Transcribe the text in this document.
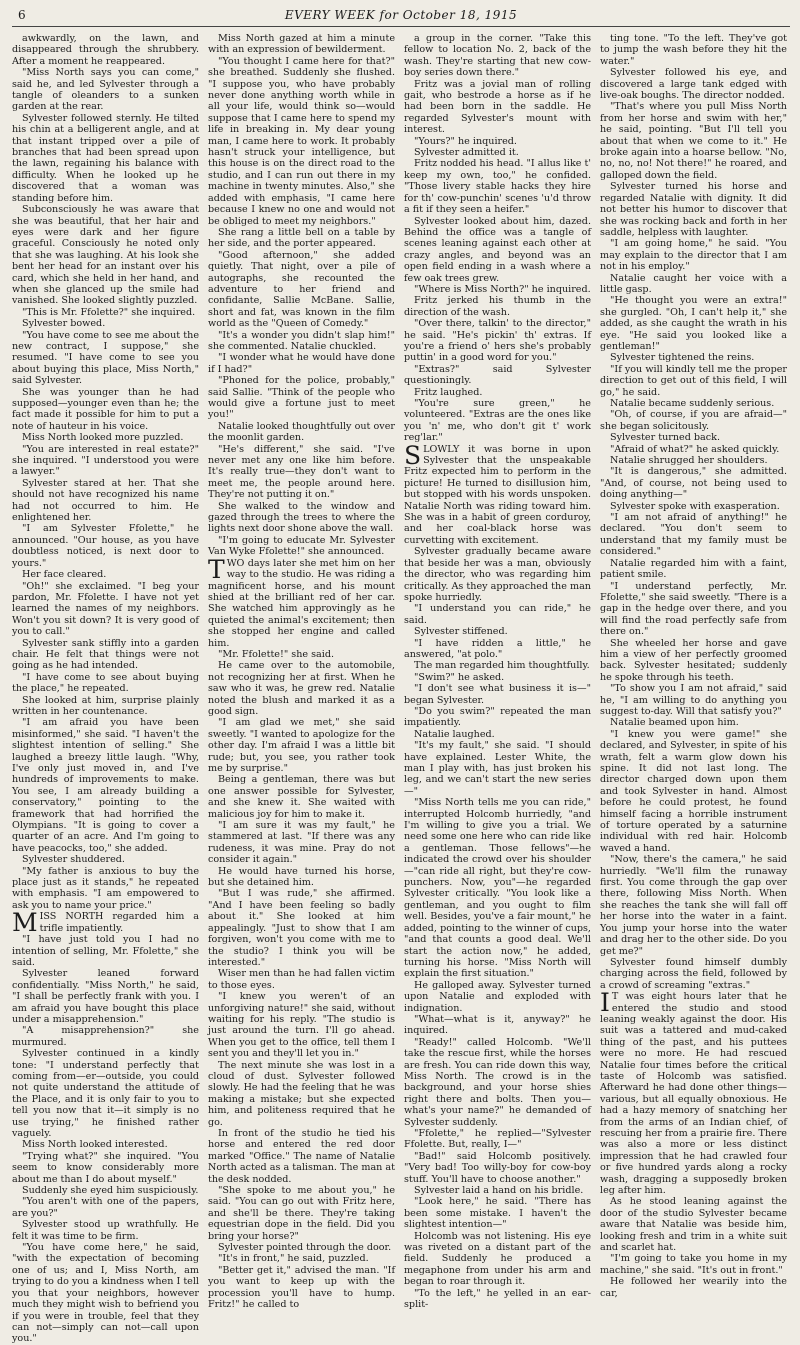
6	EVERY WEEK for October 18, 1915

awkwardly, on the lawn, and disappeared through the shrubbery. After a moment he reappeared.

"Miss North says you can come," said he, and led Sylvester through a tangle of oleanders to a sunken garden at the rear.

Sylvester followed sternly. He tilted his chin at a belligerent angle, and at that instant tripped over a pile of branches that had been spread upon the lawn, regaining his balance with difficulty. When he looked up he discovered that a woman was standing before him.

Subconsciously he was aware that she was beautiful, that her hair and eyes were dark and her figure graceful. Consciously he noted only that she was laughing. At his look she bent her head for an instant over his card, which she held in her hand, and when she glanced up the smile had vanished. She looked slightly puzzled.

"This is Mr. Ffolette?" she inquired.

Sylvester bowed.

"You have come to see me about the new contract, I suppose," she resumed. "I have come to see you about buying this place, Miss North," said Sylvester.

She was younger than he had supposed—younger even than he; the fact made it possible for him to put a note of hauteur in his voice.

Miss North looked more puzzled.

"You are interested in real estate?" she inquired. "I understood you were a lawyer."

Sylvester stared at her. That she should not have recognized his name had not occurred to him. He enlightened her.

"I am Sylvester Ffolette," he announced. "Our house, as you have doubtless noticed, is next door to yours."

Her face cleared.

"Oh!" she exclaimed. "I beg your pardon, Mr. Ffolette. I have not yet learned the names of my neighbors. Won't you sit down? It is very good of you to call."

Sylvester sank stiffly into a garden chair. He felt that things were not going as he had intended.

"I have come to see about buying the place," he repeated.

She looked at him, surprise plainly written in her countenance.

"I am afraid you have been misinformed," she said. "I haven't the slightest intention of selling." She laughed a breezy little laugh. "Why, I've only just moved in, and I've hundreds of improvements to make. You see, I am already building a conservatory," pointing to the framework that had horrified the Olympians. "It is going to cover a quarter of an acre. And I'm going to have peacocks, too," she added.

Sylvester shuddered.

"My father is anxious to buy the place just as it stands," he repeated with emphasis. "I am empowered to ask you to name your price."

MISS NORTH regarded him a trifle impatiently.

"I have just told you I had no intention of selling, Mr. Ffolette," she said.

Sylvester leaned forward confidentially. "Miss North," he said, "I shall be perfectly frank with you. I am afraid you have bought this place under a misapprehension."

"A misapprehension?" she murmured.

Sylvester continued in a kindly tone: "I understand perfectly that coming from—er—outside, you could not quite understand the attitude of the Place, and it is only fair to you to tell you now that it—it simply is no use trying," he finished rather vaguely.

Miss North looked interested.

"Trying what?" she inquired. "You seem to know considerably more about me than I do about myself."

Suddenly she eyed him suspiciously.

"You aren't with one of the papers, are you?"

Sylvester stood up wrathfully. He felt it was time to be firm.

"You have come here," he said, "with the expectation of becoming one of us; and I, Miss North, am trying to do you a kindness when I tell you that your neighbors, however much they might wish to befriend you if you were in trouble, feel that they can not—simply can not—call upon you."

Miss North gazed at him a minute with an expression of bewilderment.

"You thought I came here for that?" she breathed. Suddenly she flushed. "I suppose you, who have probably never done anything worth while in all your life, would think so—would suppose that I came here to spend my life in breaking in. My dear young man, I came here to work. It probably hasn't struck your intelligence, but this house is on the direct road to the studio, and I can run out there in my machine in twenty minutes. Also," she added with emphasis, "I came here because I knew no one and would not be obliged to meet my neighbors."

She rang a little bell on a table by her side, and the porter appeared.

"Good afternoon," she added quietly. That night, over a pile of autographs, she recounted the adventure to her friend and confidante, Sallie McBane. Sallie, short and fat, was known in the film world as the "Queen of Comedy."

"It's a wonder you didn't slap him!" she commented. Natalie chuckled.

"I wonder what he would have done if I had?"

"Phoned for the police, probably," said Sallie. "Think of the people who would give a fortune just to meet you!"

Natalie looked thoughtfully out over the moonlit garden.

"He's different," she said. "I've never met any one like him before. It's really true—they don't want to meet me, the people around here. They're not putting it on."

She walked to the window and gazed through the trees to where the lights next door shone above the wall.

"I'm going to educate Mr. Sylvester Van Wyke Ffolette!" she announced.

TWO days later she met him on her way to the studio. He was riding a magnificent horse, and his mount shied at the brilliant red of her car. She watched him approvingly as he quieted the animal's excitement; then she stopped her engine and called him.

"Mr. Ffolette!" she said.

He came over to the automobile, not recognizing her at first. When he saw who it was, he grew red. Natalie noted the blush and marked it as a good sign.

"I am glad we met," she said sweetly. "I wanted to apologize for the other day. I'm afraid I was a little bit rude; but, you see, you rather took me by surprise."

Being a gentleman, there was but one answer possible for Sylvester, and she knew it. She waited with malicious joy for him to make it.

"I am sure it was my fault," he stammered at last. "If there was any rudeness, it was mine. Pray do not consider it again."

He would have turned his horse, but she detained him.

"But I was rude," she affirmed. "And I have been feeling so badly about it." She looked at him appealingly. "Just to show that I am forgiven, won't you come with me to the studio? I think you will be interested."

Wiser men than he had fallen victim to those eyes.

"I knew you weren't of an unforgiving nature!" she said, without waiting for his reply. "The studio is just around the turn. I'll go ahead. When you get to the office, tell them I sent you and they'll let you in."

The next minute she was lost in a cloud of dust. Sylvester followed slowly. He had the feeling that he was making a mistake; but she expected him, and politeness required that he go.

In front of the studio he tied his horse and entered the red door marked "Office." The name of Natalie North acted as a talisman. The man at the desk nodded.

"She spoke to me about you," he said. "You can go out with Fritz here, and she'll be there. They're taking equestrian dope in the field. Did you bring your horse?"

Sylvester pointed through the door.

"It's in front," he said, puzzled.

"Better get it," advised the man. "If you want to keep up with the procession you'll have to hump. Fritz!" he called to

a group in the corner. "Take this fellow to location No. 2, back of the wash. They're starting that new cow-boy series down there."

Fritz was a jovial man of rolling gait, who bestrode a horse as if he had been born in the saddle. He regarded Sylvester's mount with interest.

"Yours?" he inquired.

Sylvester admitted it.

Fritz nodded his head. "I allus like t' keep my own, too," he confided. "Those livery stable hacks they hire for th' cow-punchin' scenes 'u'd throw a fit if they seen a heifer."

Sylvester looked about him, dazed. Behind the office was a tangle of scenes leaning against each other at crazy angles, and beyond was an open field ending in a wash where a few oak trees grew.

"Where is Miss North?" he inquired.

Fritz jerked his thumb in the direction of the wash.

"Over there, talkin' to the director," he said. "He's pickin' th' extras. If you're a friend o' hers she's probably puttin' in a good word for you."

"Extras?" said Sylvester questioningly.

Fritz laughed.

"You're sure green," he volunteered. "Extras are the ones like you 'n' me, who don't git t' work reg'lar."

SLOWLY it was borne in upon Sylvester that the unspeakable Fritz expected him to perform in the picture! He turned to disillusion him, but stopped with his words unspoken. Natalie North was riding toward him. She was in a habit of green corduroy, and her coal-black horse was curvetting with excitement.

Sylvester gradually became aware that beside her was a man, obviously the director, who was regarding him critically. As they approached the man spoke hurriedly.

"I understand you can ride," he said.

Sylvester stiffened.

"I have ridden a little," he answered, "at polo."

The man regarded him thoughtfully.

"Swim?" he asked.

"I don't see what business it is—" began Sylvester.

"Do you swim?" repeated the man impatiently.

Natalie laughed.

"It's my fault," she said. "I should have explained. Lester White, the man I play with, has just broken his leg, and we can't start the new series—"

"Miss North tells me you can ride," interrupted Holcomb hurriedly, "and I'm willing to give you a trial. We need some one here who can ride like a gentleman. Those fellows"—he indicated the crowd over his shoulder—"can ride all right, but they're cow-punchers. Now, you"—he regarded Sylvester critically. "You look like a gentleman, and you ought to film well. Besides, you've a fair mount," he added, pointing to the winner of cups, "and that counts a good deal. We'll start the action now," he added, turning his horse. "Miss North will explain the first situation."

He galloped away. Sylvester turned upon Natalie and exploded with indignation.

"What—what is it, anyway?" he inquired.

"Ready!" called Holcomb. "We'll take the rescue first, while the horses are fresh. You can ride down this way, Miss North. The crowd is in the background, and your horse shies right there and bolts. Then you—what's your name?" he demanded of Sylvester suddenly.

"Ffolette," he replied—"Sylvester Ffolette. But, really, I—"

"Bad!" said Holcomb positively. "Very bad! Too willy-boy for cow-boy stuff. You'll have to choose another."

Sylvester laid a hand on his bridle.

"Look here," he said. "There has been some mistake. I haven't the slightest intention—"

Holcomb was not listening. His eye was riveted on a distant part of the field. Suddenly he produced a megaphone from under his arm and began to roar through it.

"To the left," he yelled in an ear-split-

ting tone. "To the left. They've got to jump the wash before they hit the water."

Sylvester followed his eye, and discovered a large tank edged with live-oak boughs. The director nodded.

"That's where you pull Miss North from her horse and swim with her," he said, pointing. "But I'll tell you about that when we come to it." He broke again into a hoarse bellow. "No, no, no, no! Not there!" he roared, and galloped down the field.

Sylvester turned his horse and regarded Natalie with dignity. It did not better his humor to discover that she was rocking back and forth in her saddle, helpless with laughter.

"I am going home," he said. "You may explain to the director that I am not in his employ."

Natalie caught her voice with a little gasp.

"He thought you were an extra!" she gurgled. "Oh, I can't help it," she added, as she caught the wrath in his eye. "He said you looked like a gentleman!"

Sylvester tightened the reins.

"If you will kindly tell me the proper direction to get out of this field, I will go," he said.

Natalie became suddenly serious.

"Oh, of course, if you are afraid—" she began solicitously.

Sylvester turned back.

"Afraid of what?" he asked quickly.

Natalie shrugged her shoulders.

"It is dangerous," she admitted. "And, of course, not being used to doing anything—"

Sylvester spoke with exasperation.

"I am not afraid of anything!" he declared. "You don't seem to understand that my family must be considered."

Natalie regarded him with a faint, patient smile.

"I understand perfectly, Mr. Ffolette," she said sweetly. "There is a gap in the hedge over there, and you will find the road perfectly safe from there on."

She wheeled her horse and gave him a view of her perfectly groomed back. Sylvester hesitated; suddenly he spoke through his teeth.

"To show you I am not afraid," said he, "I am willing to do anything you suggest to-day. Will that satisfy you?"

Natalie beamed upon him.

"I knew you were game!" she declared, and Sylvester, in spite of his wrath, felt a warm glow down his spine. It did not last long. The director charged down upon them and took Sylvester in hand. Almost before he could protest, he found himself facing a horrible instrument of torture operated by a saturnine individual with red hair. Holcomb waved a hand.

"Now, there's the camera," he said hurriedly. "We'll film the runaway first. You come through the gap over there, following Miss North. When she reaches the tank she will fall off her horse into the water in a faint. You jump your horse into the water and drag her to the other side. Do you get me?"

Sylvester found himself dumbly charging across the field, followed by a crowd of screaming "extras."

IT was eight hours later that he entered the studio and stood leaning weakly against the door. His suit was a tattered and mud-caked thing of the past, and his puttees were no more. He had rescued Natalie four times before the critical taste of Holcomb was satisfied. Afterward he had done other things—various, but all equally obnoxious. He had a hazy memory of snatching her from the arms of an Indian chief, of rescuing her from a prairie fire. There was also a more or less distinct impression that he had crawled four or five hundred yards along a rocky wash, dragging a supposedly broken leg after him.

As he stood leaning against the door of the studio Sylvester became aware that Natalie was beside him, looking fresh and trim in a white suit and scarlet hat.

"I'm going to take you home in my machine," she said. "It's out in front."

He followed her wearily into the car,
